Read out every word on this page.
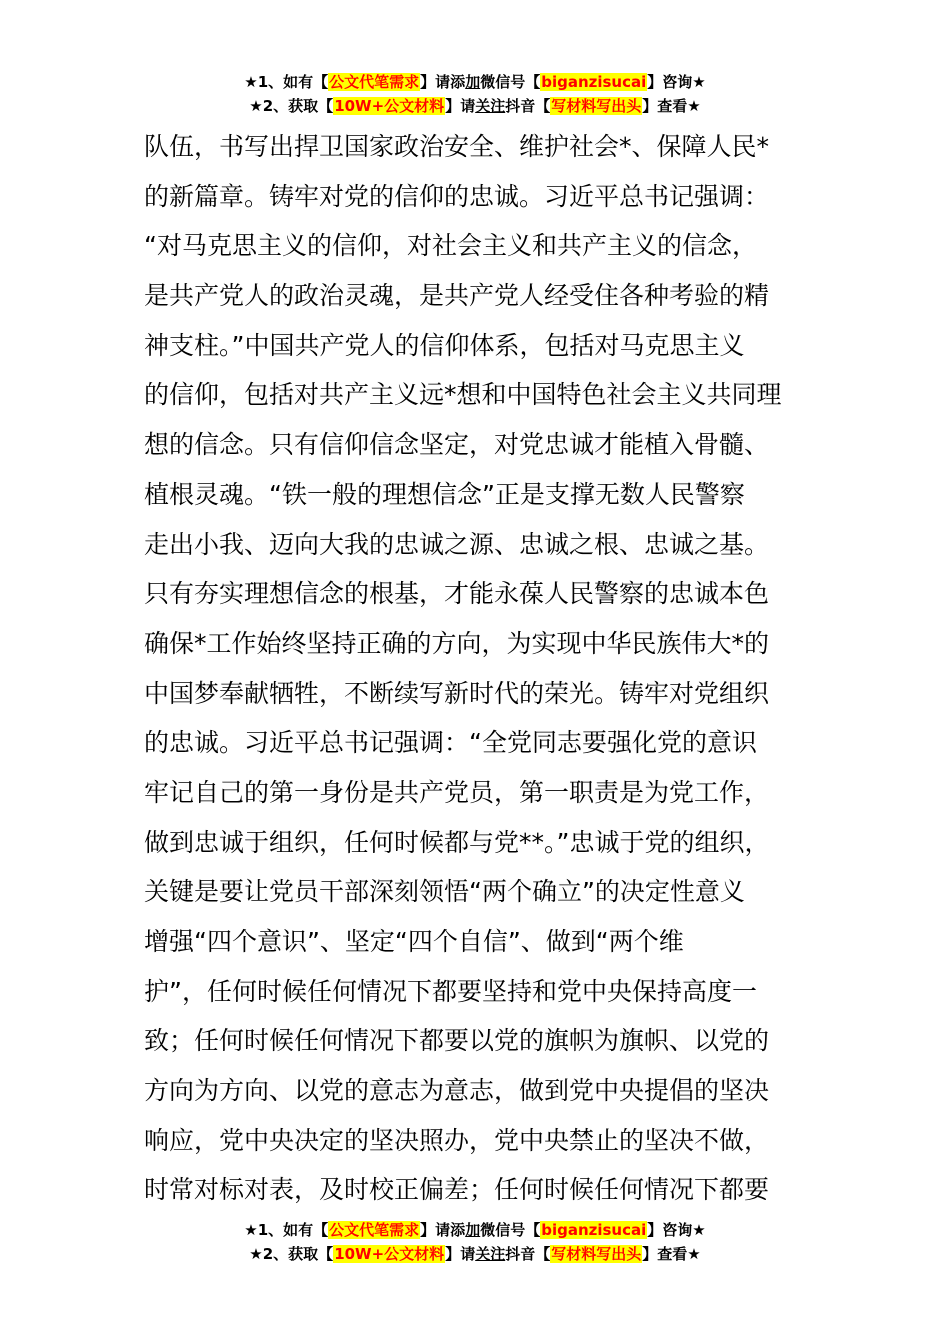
★1、如有【公文代笔需求】请添加微信号【biganzisucai】咨询★
★2、获取【10W+公文材料】请关注抖音【写材料写出头】查看★
队伍，书写出捍卫国家政治安全、维护社会*、保障人民*
的新篇章。铸牢对党的信仰的忠诚。习近平总书记强调：
“对马克思主义的信仰，对社会主义和共产主义的信念，
是共产党人的政治灵魂，是共产党人经受住各种考验的精
神支柱。”中国共产党人的信仰体系，包括对马克思主义
的信仰，包括对共产主义远*想和中国特色社会主义共同理
想的信念。只有信仰信念坚定，对党忠诚才能植入骨髓、
植根灵魂。“铁一般的理想信念”正是支撑无数人民警察
走出小我、迈向大我的忠诚之源、忠诚之根、忠诚之基。
只有夯实理想信念的根基，才能永葆人民警察的忠诚本色
确保*工作始终坚持正确的方向，为实现中华民族伟大*的
中国梦奉献牺牲，不断续写新时代的荣光。铸牢对党组织
的忠诚。习近平总书记强调：“全党同志要强化党的意识
牢记自己的第一身份是共产党员，第一职责是为党工作，
做到忠诚于组织，任何时候都与党**。”忠诚于党的组织，
关键是要让党员干部深刻领悟“两个确立”的决定性意义
增强“四个意识”、坚定“四个自信”、做到“两个维
护”，任何时候任何情况下都要坚持和党中央保持高度一
致；任何时候任何情况下都要以党的旗帜为旗帜、以党的
方向为方向、以党的意志为意志，做到党中央提倡的坚决
响应，党中央决定的坚决照办，党中央禁止的坚决不做，
时常对标对表，及时校正偏差；任何时候任何情况下都要
★1、如有【公文代笔需求】请添加微信号【biganzisucai】咨询★
★2、获取【10W+公文材料】请关注抖音【写材料写出头】查看★
